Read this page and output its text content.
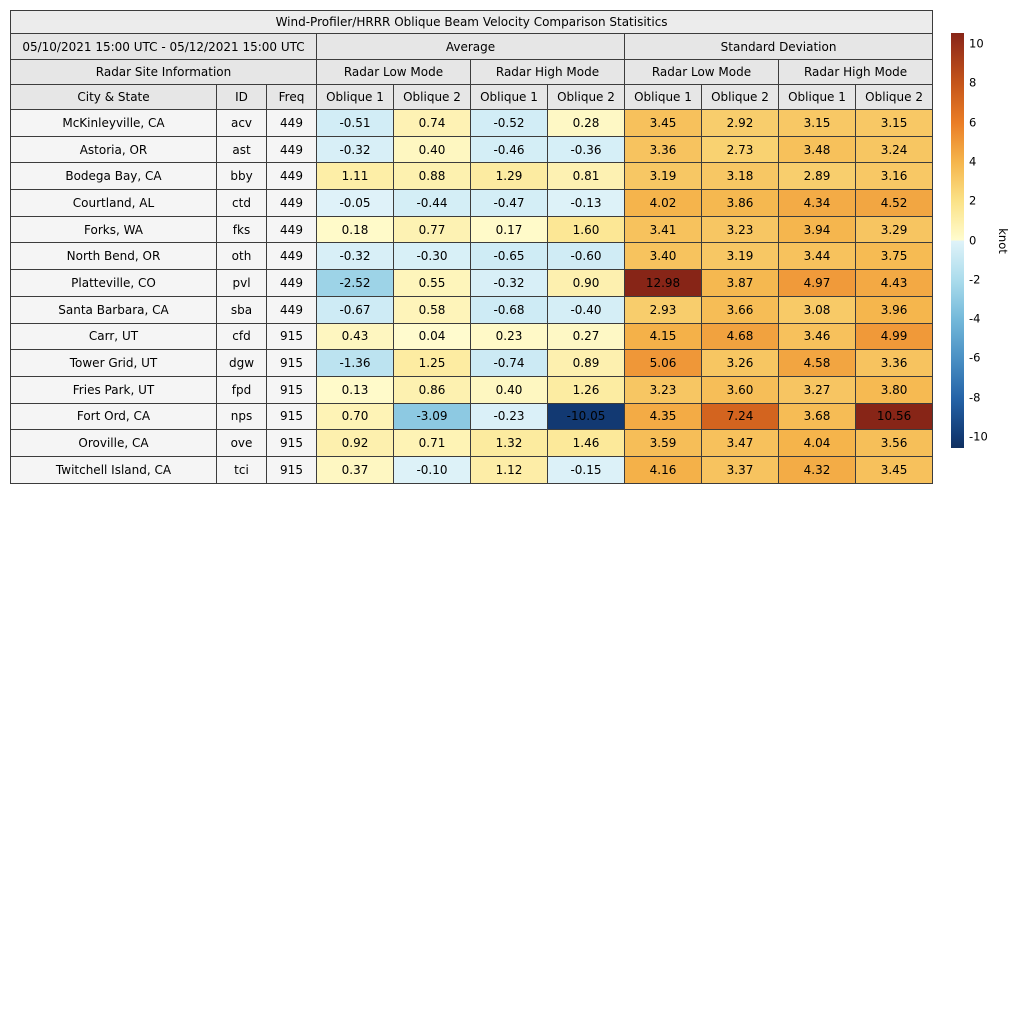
Wind-Profiler/HRRR Oblique Beam Velocity Comparison Statisitics										
05/10/2021 15:00 UTC - 05/12/2021 15:00 UTC			Average				Standard Deviation			
Radar Site Information			Radar Low Mode		Radar High Mode		Radar Low Mode		Radar High Mode	
City & State	ID	Freq	Oblique 1	Oblique 2	Oblique 1	Oblique 2	Oblique 1	Oblique 2	Oblique 1	Oblique 2
McKinleyville, CA	acv	449	-0.51	0.74	-0.52	0.28	3.45	2.92	3.15	3.15
Astoria, OR	ast	449	-0.32	0.40	-0.46	-0.36	3.36	2.73	3.48	3.24
Bodega Bay, CA	bby	449	1.11	0.88	1.29	0.81	3.19	3.18	2.89	3.16
Courtland, AL	ctd	449	-0.05	-0.44	-0.47	-0.13	4.02	3.86	4.34	4.52
Forks, WA	fks	449	0.18	0.77	0.17	1.60	3.41	3.23	3.94	3.29
North Bend, OR	oth	449	-0.32	-0.30	-0.65	-0.60	3.40	3.19	3.44	3.75
Platteville, CO	pvl	449	-2.52	0.55	-0.32	0.90	12.98	3.87	4.97	4.43
Santa Barbara, CA	sba	449	-0.67	0.58	-0.68	-0.40	2.93	3.66	3.08	3.96
Carr, UT	cfd	915	0.43	0.04	0.23	0.27	4.15	4.68	3.46	4.99
Tower Grid, UT	dgw	915	-1.36	1.25	-0.74	0.89	5.06	3.26	4.58	3.36
Fries Park, UT	fpd	915	0.13	0.86	0.40	1.26	3.23	3.60	3.27	3.80
Fort Ord, CA	nps	915	0.70	-3.09	-0.23	-10.05	4.35	7.24	3.68	10.56
Oroville, CA	ove	915	0.92	0.71	1.32	1.46	3.59	3.47	4.04	3.56
Twitchell Island, CA	tci	915	0.37	-0.10	1.12	-0.15	4.16	3.37	4.32	3.45
10
8
6
4
2
0
-2
-4
-6
-8
-10
knot
